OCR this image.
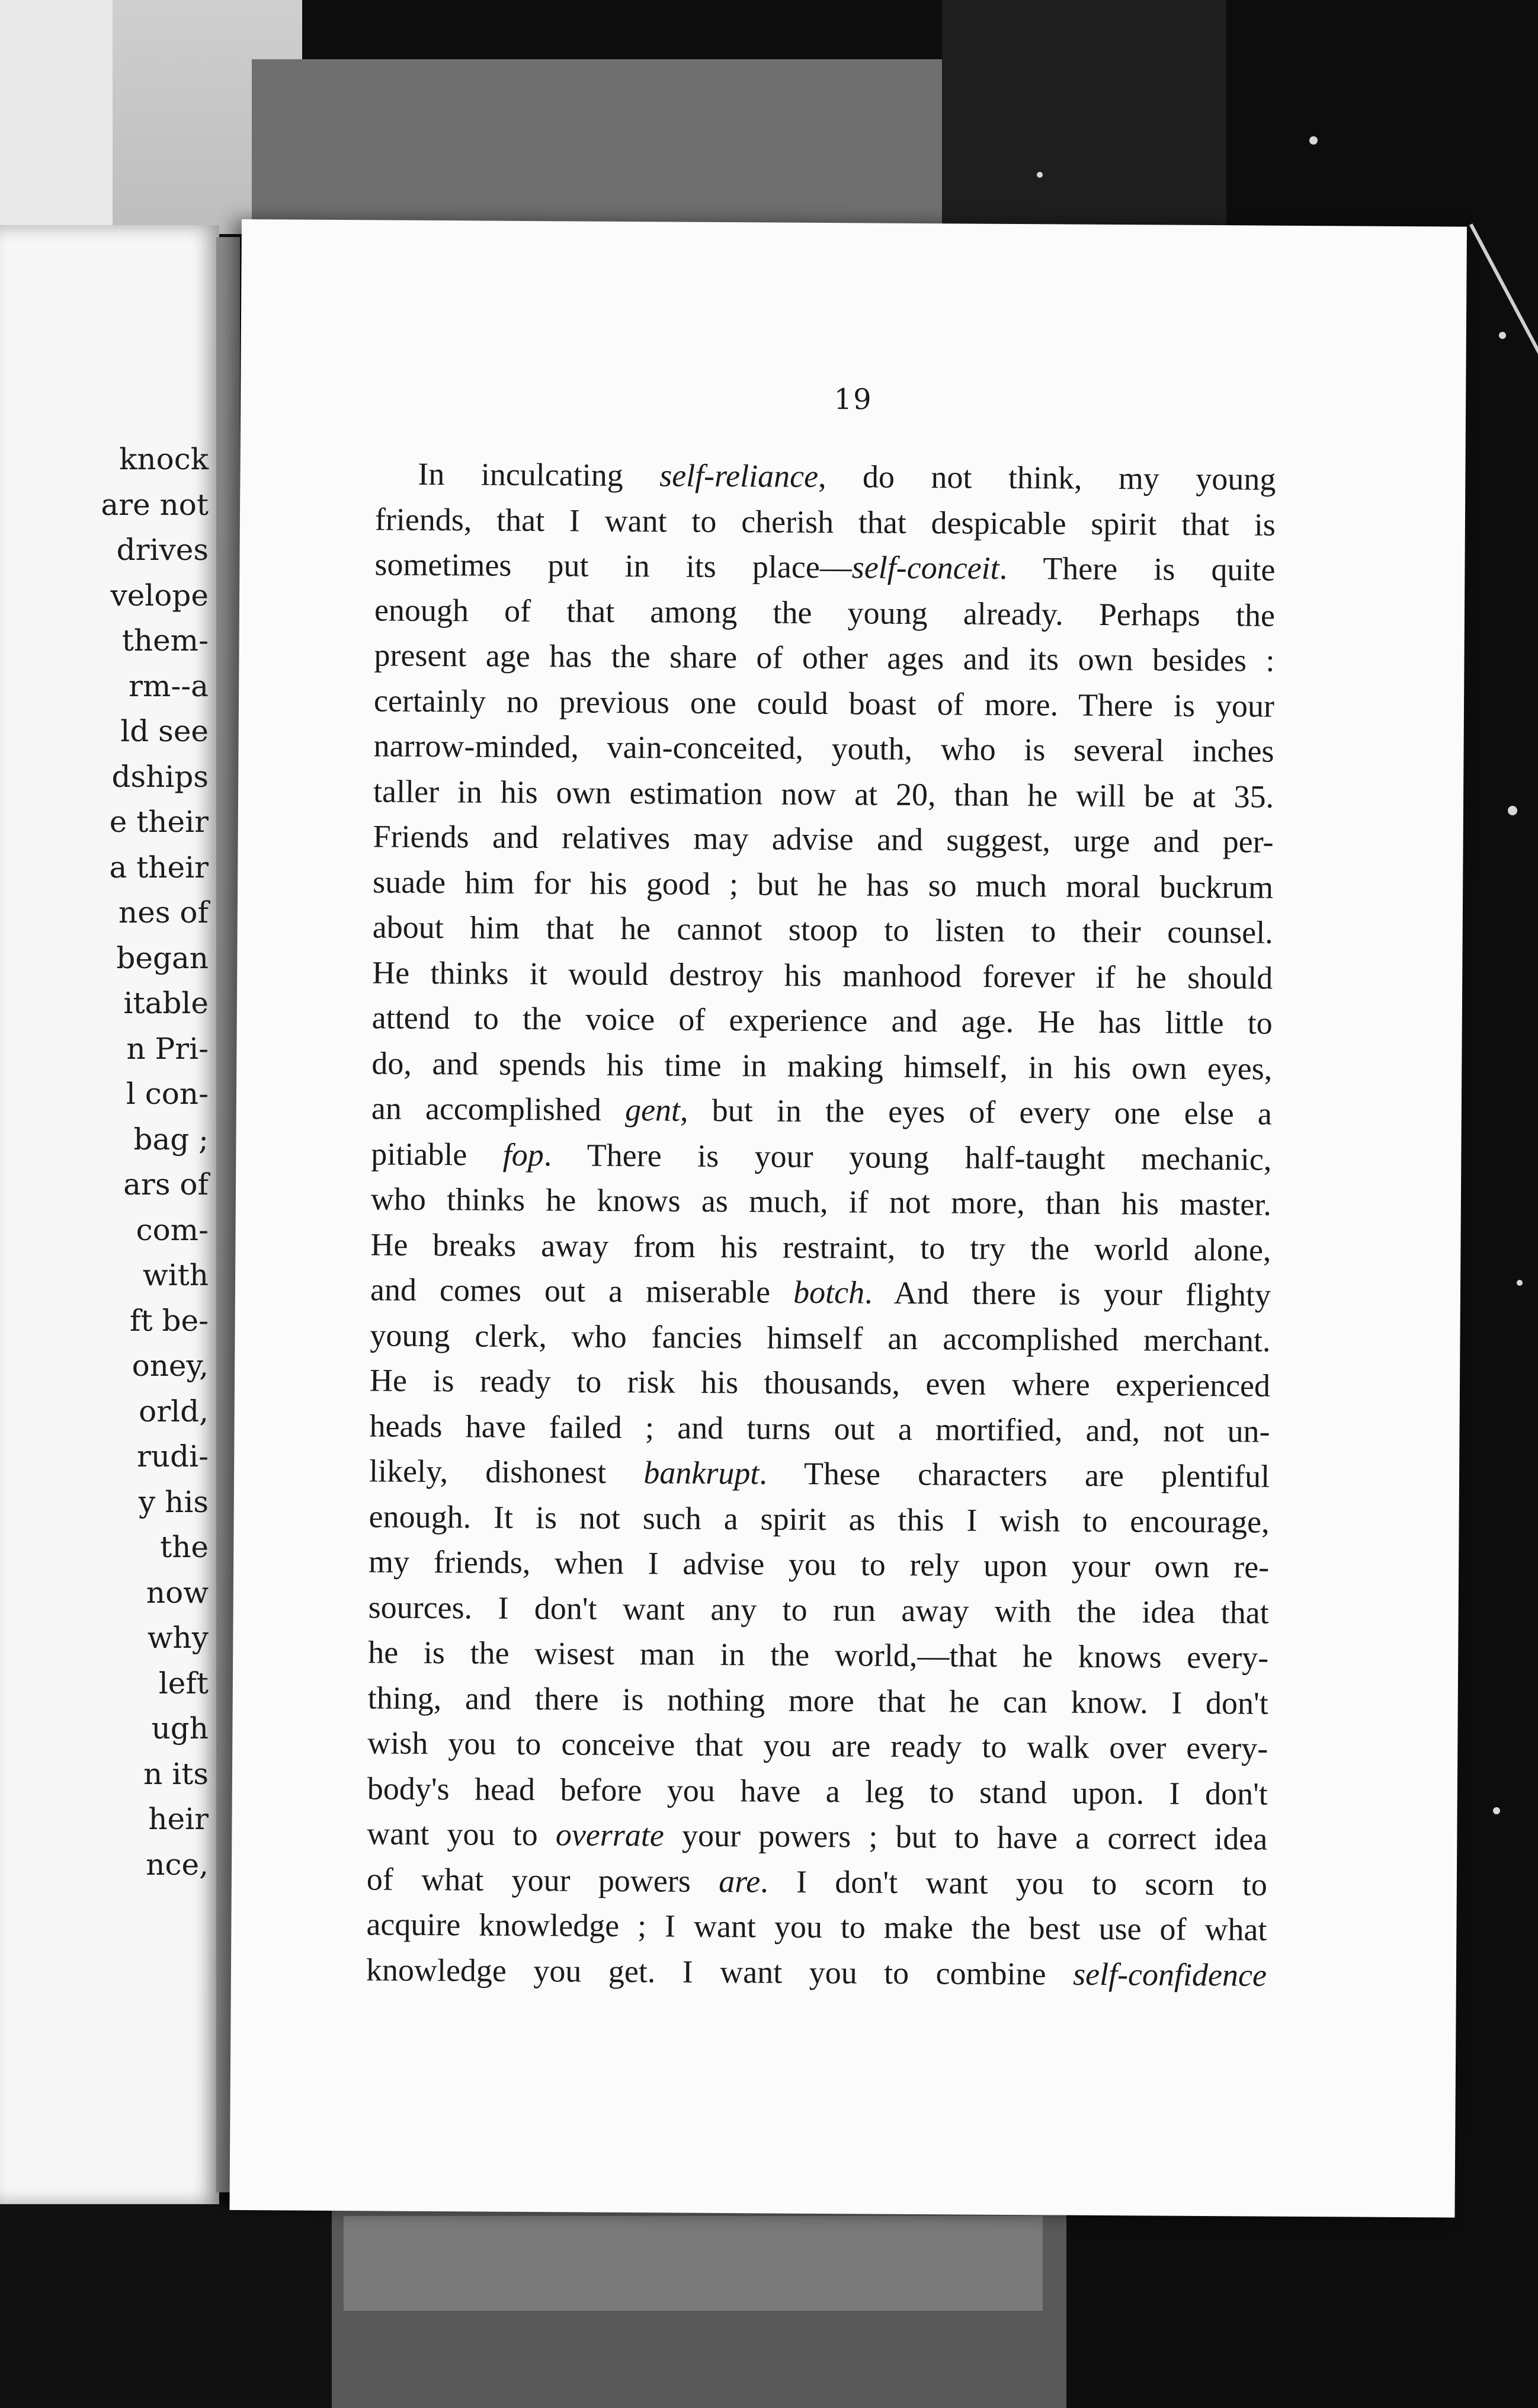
knock
are not
drives
velope
them-
rm--a
ld see
dships
e their
a their
nes of
began
itable
n Pri-
l con-
bag ;
ars of
com-
with
ft be-
oney,
orld,
rudi-
y his
the
now
why
left
ugh
n its
heir
nce,
19
In inculcating self-reliance, do not think, my young
friends, that I want to cherish that despicable spirit that is
sometimes put in its place—self-conceit. There is quite
enough of that among the young already. Perhaps the
present age has the share of other ages and its own besides :
certainly no previous one could boast of more. There is your
narrow-minded, vain-conceited, youth, who is several inches
taller in his own estimation now at 20, than he will be at 35.
Friends and relatives may advise and suggest, urge and per-
suade him for his good ; but he has so much moral buckrum
about him that he cannot stoop to listen to their counsel.
He thinks it would destroy his manhood forever if he should
attend to the voice of experience and age. He has little to
do, and spends his time in making himself, in his own eyes,
an accomplished gent, but in the eyes of every one else a
pitiable fop. There is your young half-taught mechanic,
who thinks he knows as much, if not more, than his master.
He breaks away from his restraint, to try the world alone,
and comes out a miserable botch. And there is your flighty
young clerk, who fancies himself an accomplished merchant.
He is ready to risk his thousands, even where experienced
heads have failed ; and turns out a mortified, and, not un-
likely, dishonest bankrupt. These characters are plentiful
enough. It is not such a spirit as this I wish to encourage,
my friends, when I advise you to rely upon your own re-
sources. I don't want any to run away with the idea that
he is the wisest man in the world,—that he knows every-
thing, and there is nothing more that he can know. I don't
wish you to conceive that you are ready to walk over every-
body's head before you have a leg to stand upon. I don't
want you to overrate your powers ; but to have a correct idea
of what your powers are. I don't want you to scorn to
acquire knowledge ; I want you to make the best use of what
knowledge you get. I want you to combine self-confidence
